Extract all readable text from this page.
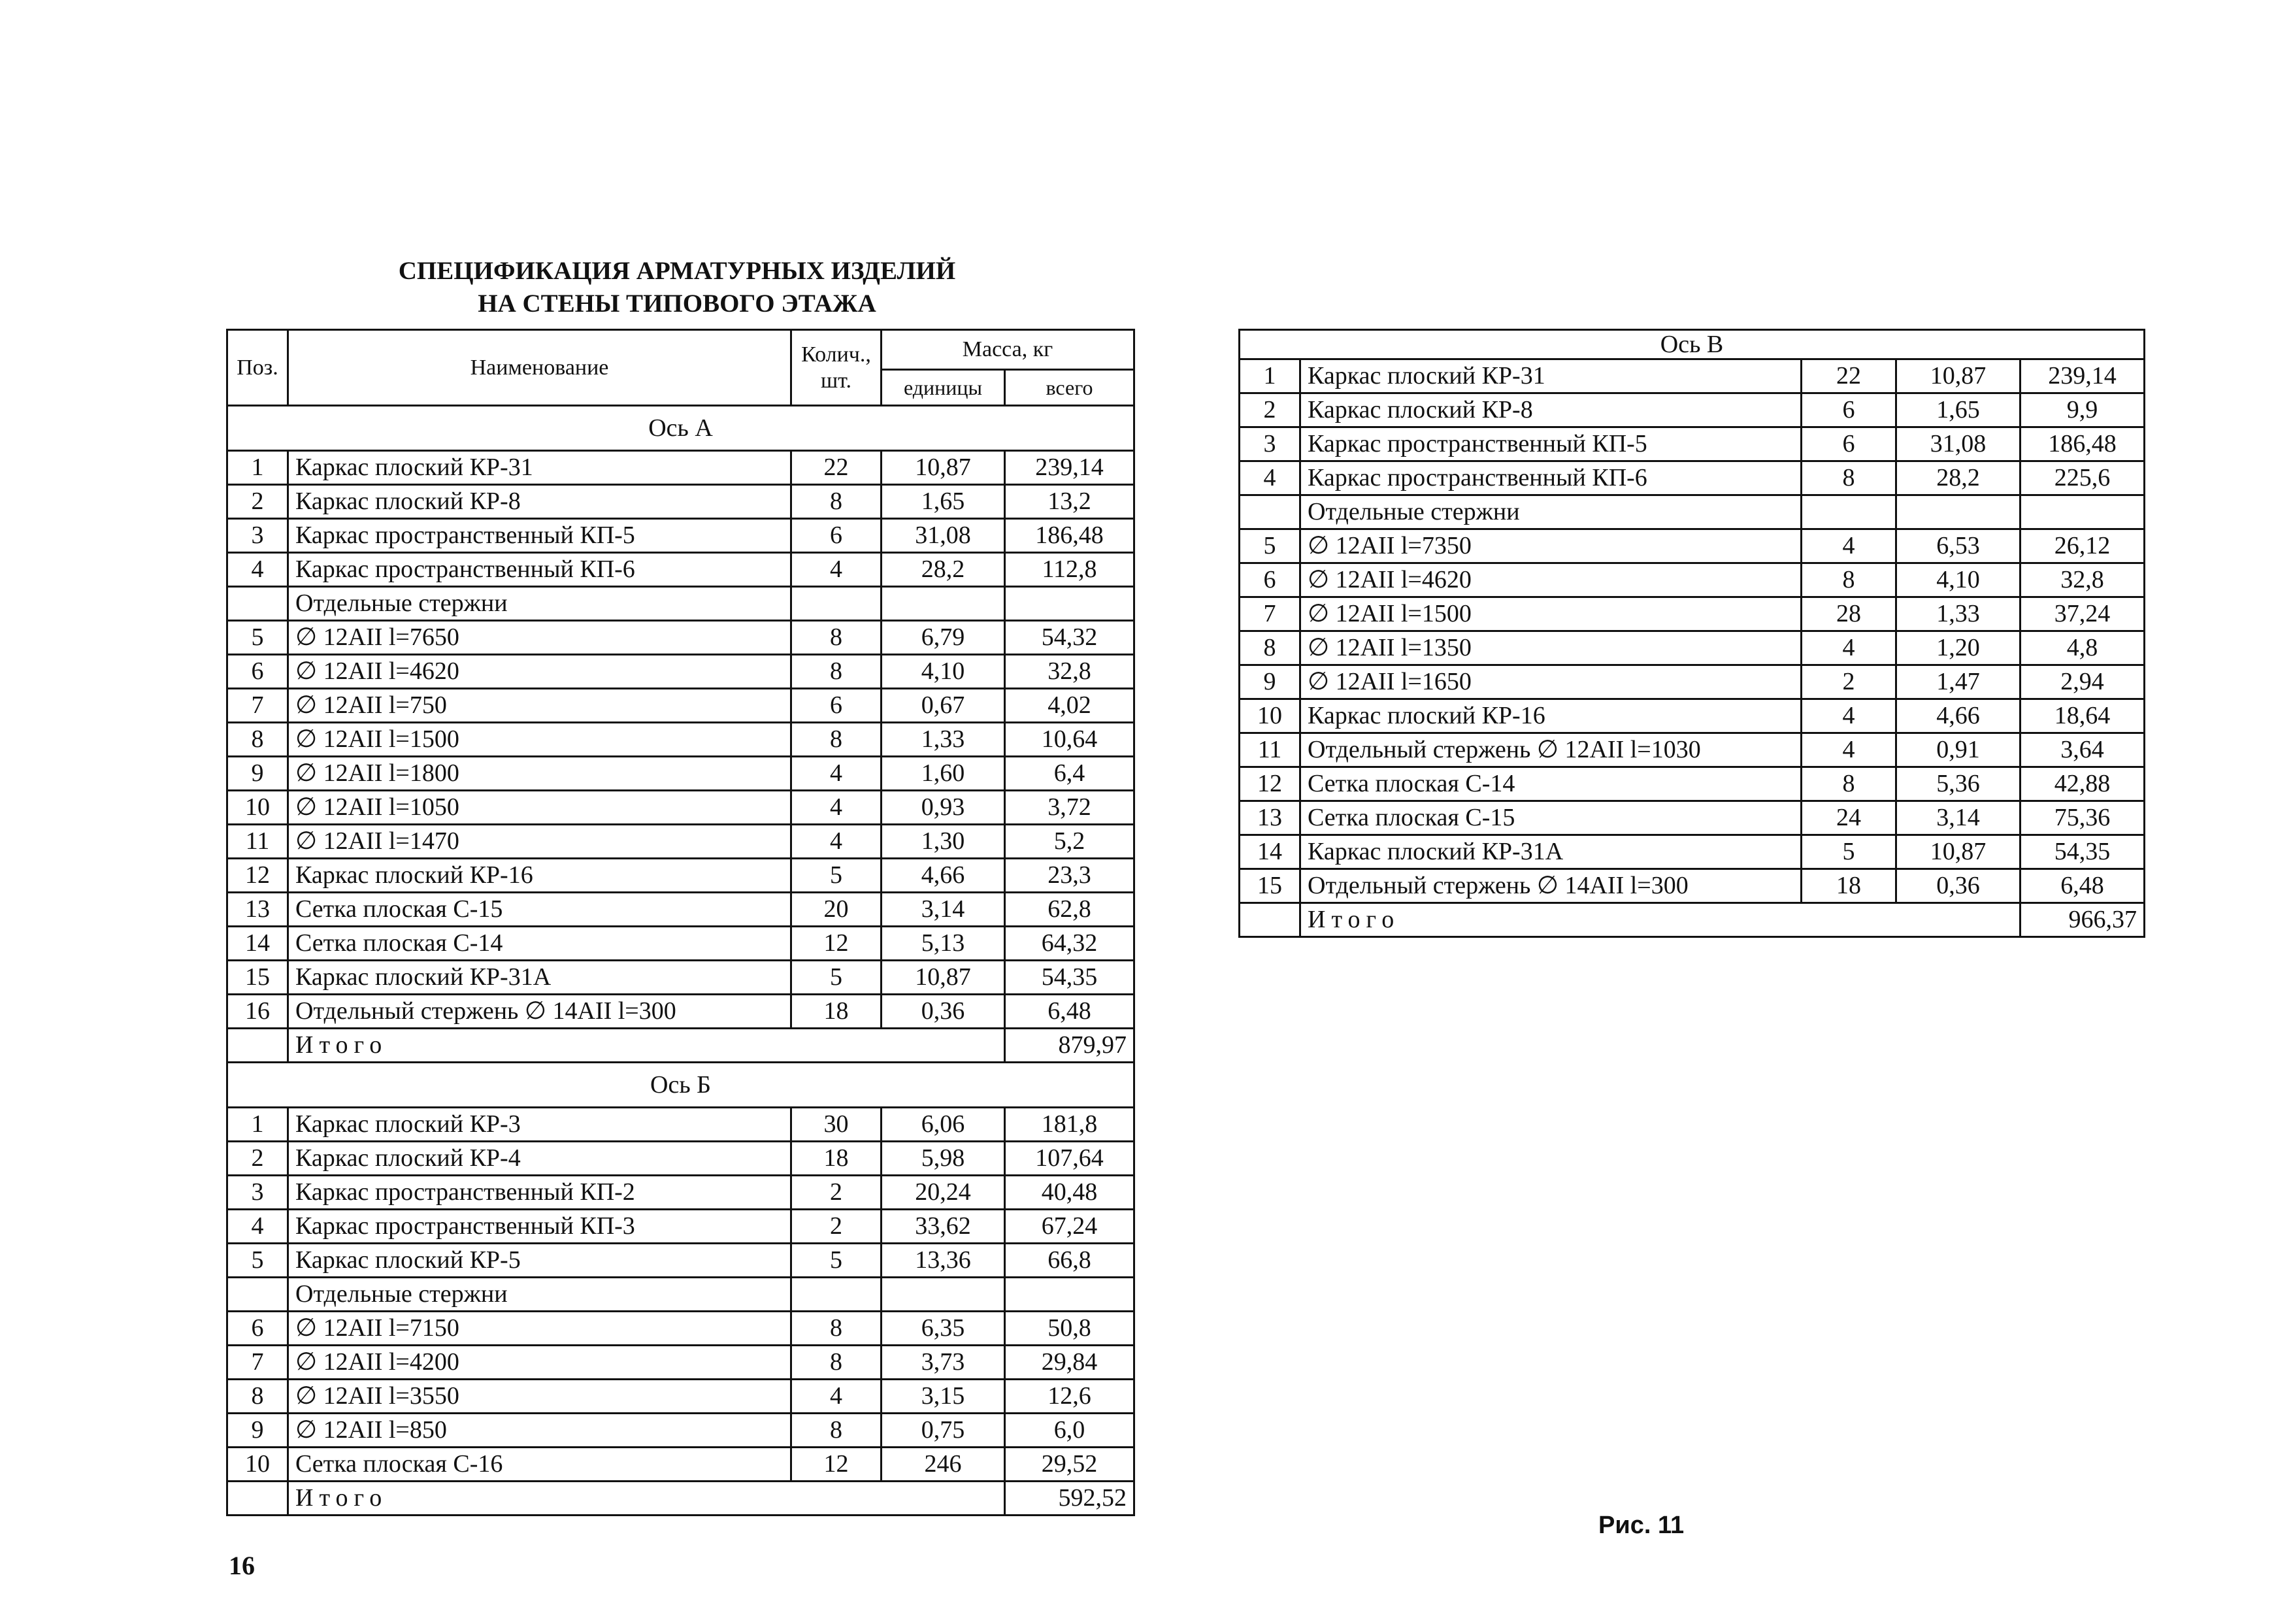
СПЕЦИФИКАЦИЯ АРМАТУРНЫХ ИЗДЕЛИЙ
НА СТЕНЫ ТИПОВОГО ЭТАЖА
Поз.	Наименование	Колич., шт.	Масса, кг	
			единицы	всего
Ось А				
1	Каркас плоский КР-31	22	10,87	239,14
2	Каркас плоский КР-8	8	1,65	13,2
3	Каркас пространственный КП-5	6	31,08	186,48
4	Каркас пространственный КП-6	4	28,2	112,8
	Отдельные стержни			
5	∅ 12АII l=7650	8	6,79	54,32
6	∅ 12АII l=4620	8	4,10	32,8
7	∅ 12АII l=750	6	0,67	4,02
8	∅ 12АII l=1500	8	1,33	10,64
9	∅ 12АII l=1800	4	1,60	6,4
10	∅ 12АII l=1050	4	0,93	3,72
11	∅ 12АII l=1470	4	1,30	5,2
12	Каркас плоский КР-16	5	4,66	23,3
13	Сетка плоская С-15	20	3,14	62,8
14	Сетка плоская С-14	12	5,13	64,32
15	Каркас плоский КР-31А	5	10,87	54,35
16	Отдельный стержень ∅ 14АII l=300	18	0,36	6,48
	Итого			879,97
Ось Б				
1	Каркас плоский КР-3	30	6,06	181,8
2	Каркас плоский КР-4	18	5,98	107,64
3	Каркас пространственный КП-2	2	20,24	40,48
4	Каркас пространственный КП-3	2	33,62	67,24
5	Каркас плоский КР-5	5	13,36	66,8
	Отдельные стержни			
6	∅ 12АII l=7150	8	6,35	50,8
7	∅ 12АII l=4200	8	3,73	29,84
8	∅ 12АII l=3550	4	3,15	12,6
9	∅ 12АII l=850	8	0,75	6,0
10	Сетка плоская С-16	12	246	29,52
	Итого			592,52
Ось В				
1	Каркас плоский КР-31	22	10,87	239,14
2	Каркас плоский КР-8	6	1,65	9,9
3	Каркас пространственный КП-5	6	31,08	186,48
4	Каркас пространственный КП-6	8	28,2	225,6
	Отдельные стержни			
5	∅ 12АII l=7350	4	6,53	26,12
6	∅ 12АII l=4620	8	4,10	32,8
7	∅ 12АII l=1500	28	1,33	37,24
8	∅ 12АII l=1350	4	1,20	4,8
9	∅ 12АII l=1650	2	1,47	2,94
10	Каркас плоский КР-16	4	4,66	18,64
11	Отдельный стержень ∅ 12АII l=1030	4	0,91	3,64
12	Сетка плоская С-14	8	5,36	42,88
13	Сетка плоская С-15	24	3,14	75,36
14	Каркас плоский КР-31А	5	10,87	54,35
15	Отдельный стержень ∅ 14АII l=300	18	0,36	6,48
	Итого			966,37
16
Рис. 11
